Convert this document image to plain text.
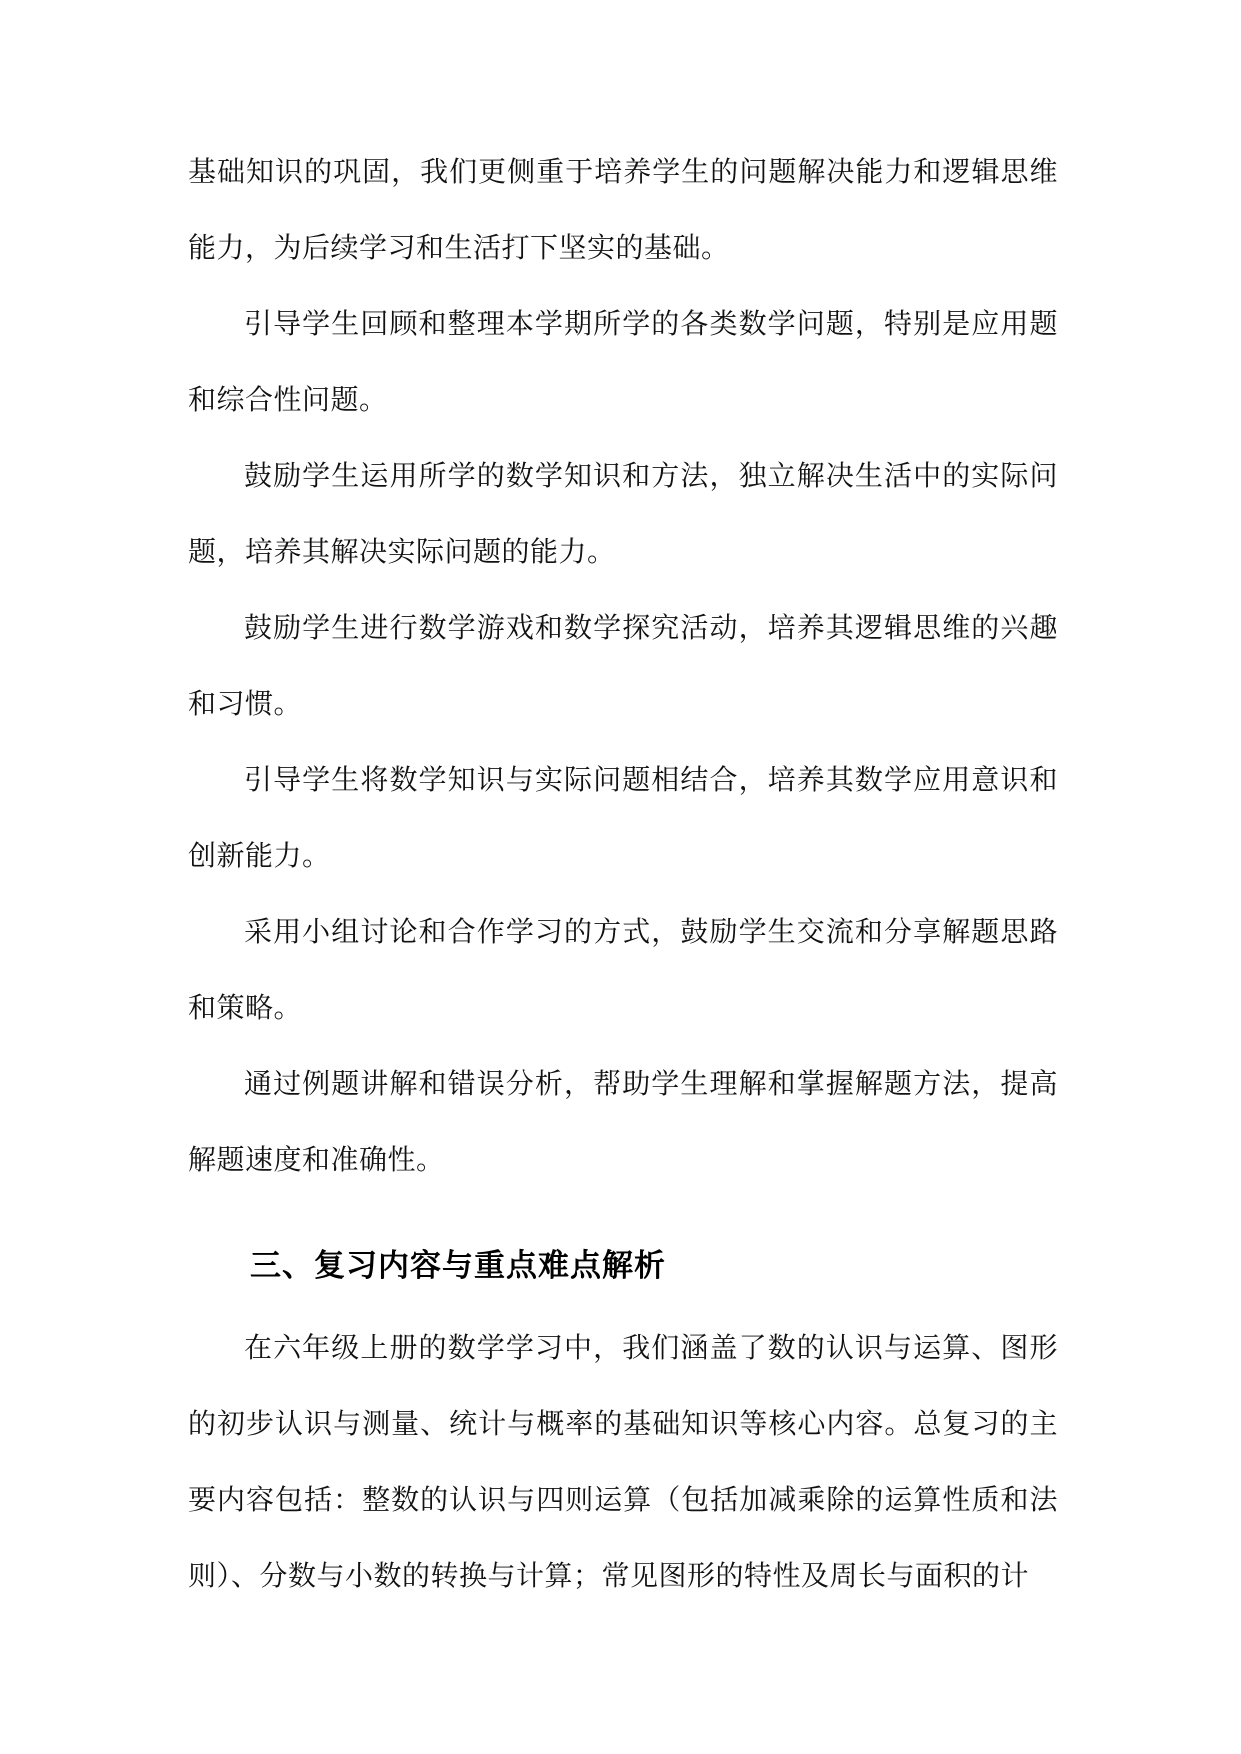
基础知识的巩固，我们更侧重于培养学生的问题解决能力和逻辑思维能力，为后续学习和生活打下坚实的基础。

引导学生回顾和整理本学期所学的各类数学问题，特别是应用题和综合性问题。

鼓励学生运用所学的数学知识和方法，独立解决生活中的实际问题，培养其解决实际问题的能力。

鼓励学生进行数学游戏和数学探究活动，培养其逻辑思维的兴趣和习惯。

引导学生将数学知识与实际问题相结合，培养其数学应用意识和创新能力。

采用小组讨论和合作学习的方式，鼓励学生交流和分享解题思路和策略。

通过例题讲解和错误分析，帮助学生理解和掌握解题方法，提高解题速度和准确性。

三、复习内容与重点难点解析

在六年级上册的数学学习中，我们涵盖了数的认识与运算、图形的初步认识与测量、统计与概率的基础知识等核心内容。总复习的主要内容包括：整数的认识与四则运算（包括加减乘除的运算性质和法则）、分数与小数的转换与计算；常见图形的特性及周长与面积的计
